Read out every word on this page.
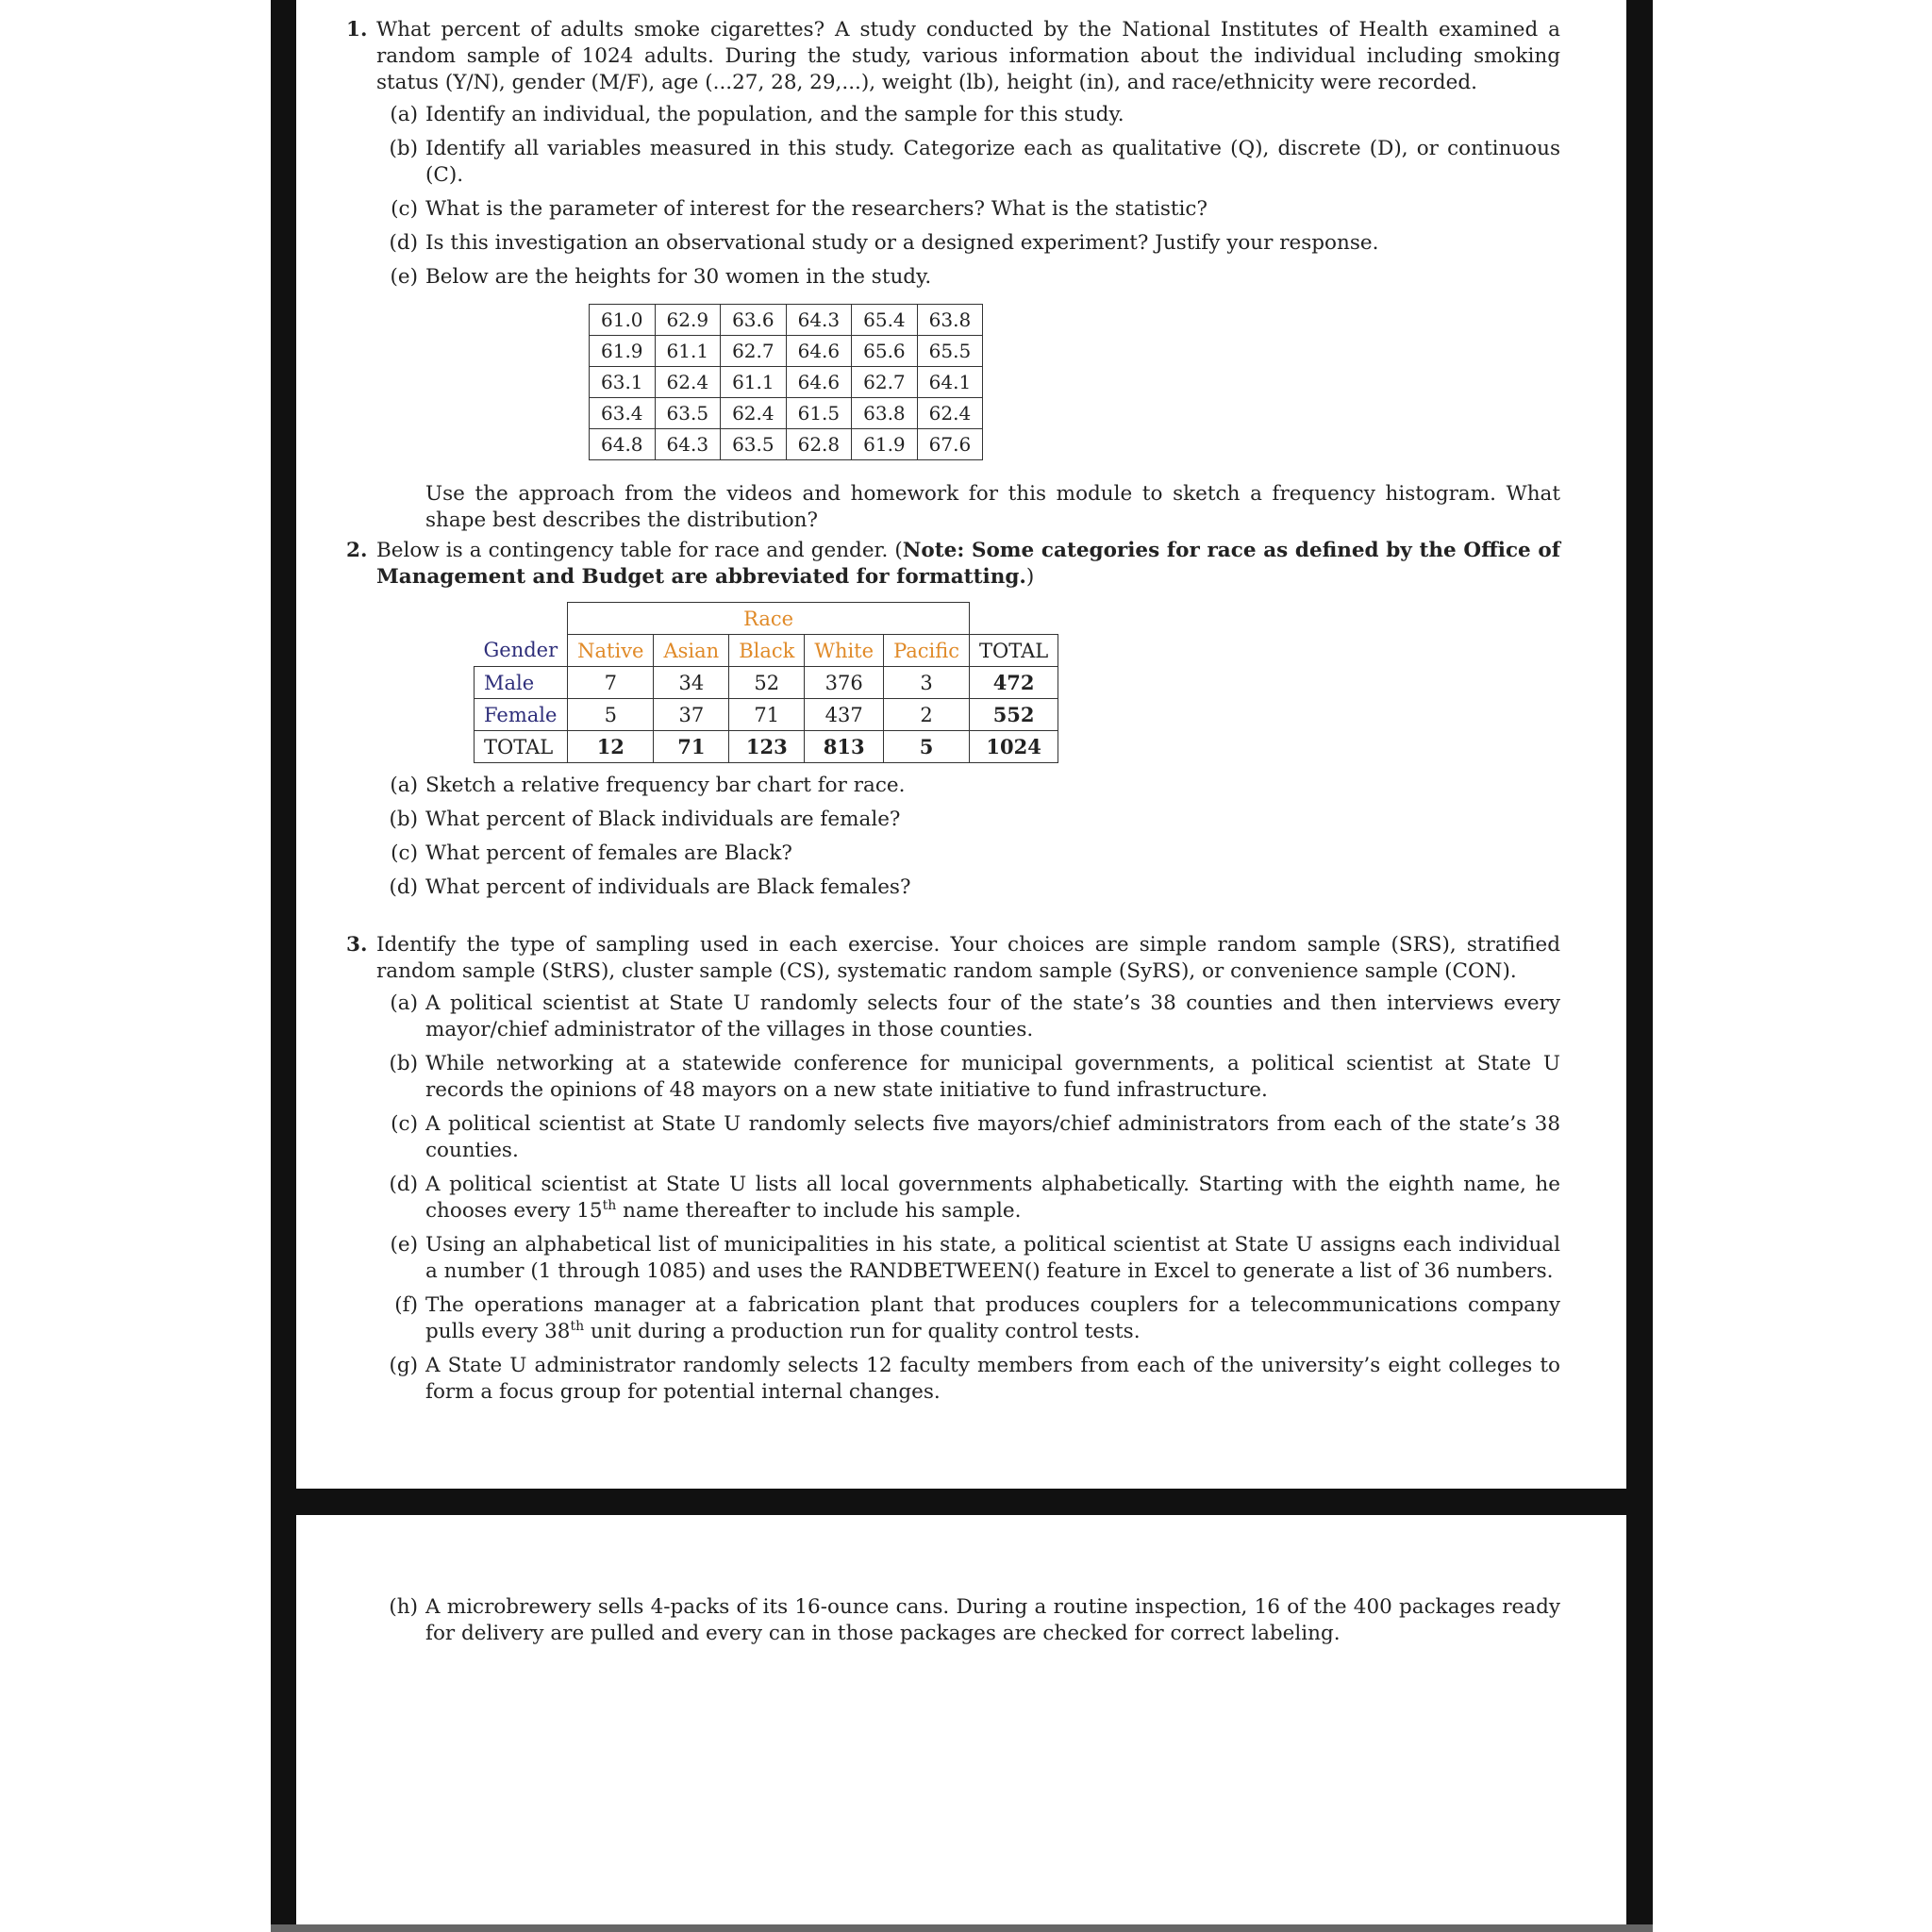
1. What percent of adults smoke cigarettes? A study conducted by the National Institutes of Health examined a random sample of 1024 adults. During the study, various information about the individual including smoking status (Y/N), gender (M/F), age (...27, 28, 29,...), weight (lb), height (in), and race/ethnicity were recorded.
(a) Identify an individual, the population, and the sample for this study.
(b) Identify all variables measured in this study. Categorize each as qualitative (Q), discrete (D), or continuous (C).
(c) What is the parameter of interest for the researchers? What is the statistic?
(d) Is this investigation an observational study or a designed experiment? Justify your response.
(e) Below are the heights for 30 women in the study.
61.0	62.9	63.6	64.3	65.4	63.8
61.9	61.1	62.7	64.6	65.6	65.5
63.1	62.4	61.1	64.6	62.7	64.1
63.4	63.5	62.4	61.5	63.8	62.4
64.8	64.3	63.5	62.8	61.9	67.6
Use the approach from the videos and homework for this module to sketch a frequency histogram. What shape best describes the distribution?
2. Below is a contingency table for race and gender. (Note: Some categories for race as defined by the Office of Management and Budget are abbreviated for formatting.)
	Race					
Gender	Native	Asian	Black	White	Pacific	TOTAL
Male	7	34	52	376	3	472
Female	5	37	71	437	2	552
TOTAL	12	71	123	813	5	1024
(a) Sketch a relative frequency bar chart for race.
(b) What percent of Black individuals are female?
(c) What percent of females are Black?
(d) What percent of individuals are Black females?
3. Identify the type of sampling used in each exercise. Your choices are simple random sample (SRS), stratified random sample (StRS), cluster sample (CS), systematic random sample (SyRS), or convenience sample (CON).
(a) A political scientist at State U randomly selects four of the state’s 38 counties and then interviews every mayor/chief administrator of the villages in those counties.
(b) While networking at a statewide conference for municipal governments, a political scientist at State U records the opinions of 48 mayors on a new state initiative to fund infrastructure.
(c) A political scientist at State U randomly selects five mayors/chief administrators from each of the state’s 38 counties.
(d) A political scientist at State U lists all local governments alphabetically. Starting with the eighth name, he chooses every 15th name thereafter to include his sample.
(e) Using an alphabetical list of municipalities in his state, a political scientist at State U assigns each individual a number (1 through 1085) and uses the RANDBETWEEN() feature in Excel to generate a list of 36 numbers.
(f) The operations manager at a fabrication plant that produces couplers for a telecommunications company pulls every 38th unit during a production run for quality control tests.
(g) A State U administrator randomly selects 12 faculty members from each of the university’s eight colleges to form a focus group for potential internal changes.
(h) A microbrewery sells 4-packs of its 16-ounce cans. During a routine inspection, 16 of the 400 packages ready for delivery are pulled and every can in those packages are checked for correct labeling.
